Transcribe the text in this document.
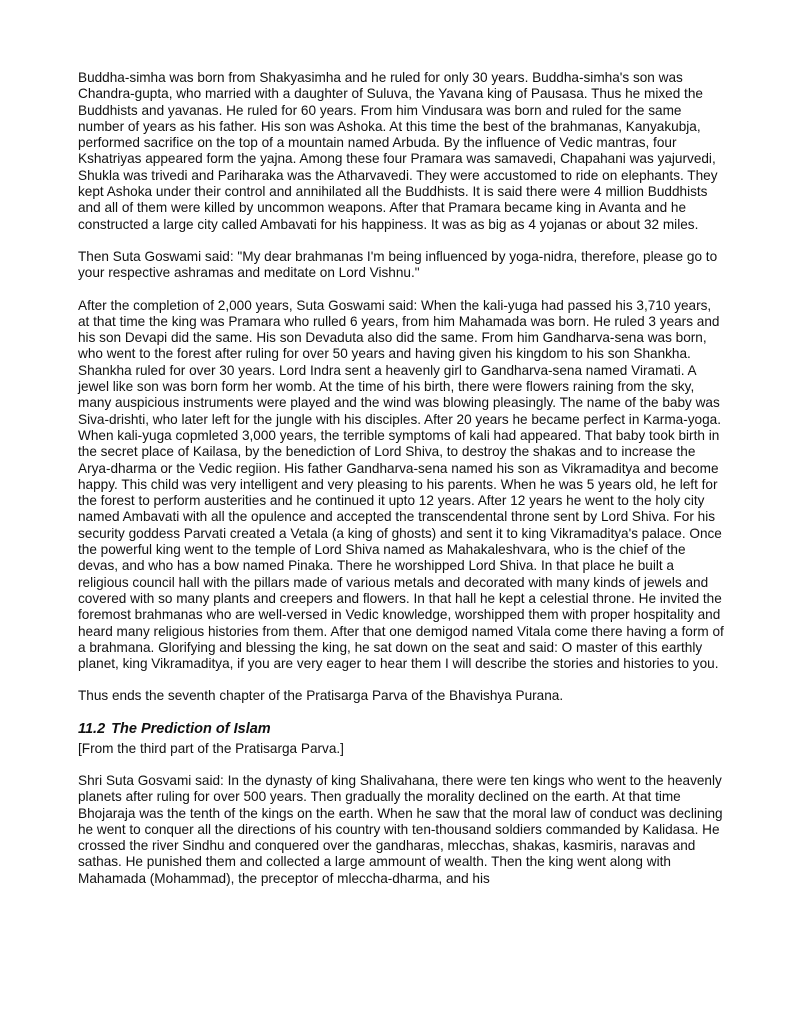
Buddha-simha was born from Shakyasimha and he ruled for only 30 years. Buddha-simha's son was Chandra-gupta, who married with a daughter of Suluva, the Yavana king of Pausasa. Thus he mixed the Buddhists and yavanas. He ruled for 60 years. From him Vindusara was born and ruled for the same number of years as his father. His son was Ashoka. At this time the best of the brahmanas, Kanyakubja, performed sacrifice on the top of a mountain named Arbuda. By the influence of Vedic mantras, four Kshatriyas appeared form the yajna. Among these four Pramara was samavedi, Chapahani was yajurvedi, Shukla was trivedi and Pariharaka was the Atharvavedi. They were accustomed to ride on elephants. They kept Ashoka under their control and annihilated all the Buddhists. It is said there were 4 million Buddhists and all of them were killed by uncommon weapons. After that Pramara became king in Avanta and he constructed a large city called Ambavati for his happiness. It was as big as 4 yojanas or about 32 miles.

Then Suta Goswami said: "My dear brahmanas I'm being influenced by yoga-nidra, therefore, please go to your respective ashramas and meditate on Lord Vishnu."

After the completion of 2,000 years, Suta Goswami said: When the kali-yuga had passed his 3,710 years, at that time the king was Pramara who rulled 6 years, from him Mahamada was born. He ruled 3 years and his son Devapi did the same. His son Devaduta also did the same. From him Gandharva-sena was born, who went to the forest after ruling for over 50 years and having given his kingdom to his son Shankha. Shankha ruled for over 30 years. Lord Indra sent a heavenly girl to Gandharva-sena named Viramati. A jewel like son was born form her womb. At the time of his birth, there were flowers raining from the sky, many auspicious instruments were played and the wind was blowing pleasingly. The name of the baby was Siva-drishti, who later left for the jungle with his disciples. After 20 years he became perfect in Karma-yoga. When kali-yuga copmleted 3,000 years, the terrible symptoms of kali had appeared. That baby took birth in the secret place of Kailasa, by the benediction of Lord Shiva, to destroy the shakas and to increase the Arya-dharma or the Vedic regiion. His father Gandharva-sena named his son as Vikramaditya and become happy. This child was very intelligent and very pleasing to his parents. When he was 5 years old, he left for the forest to perform austerities and he continued it upto 12 years. After 12 years he went to the holy city named Ambavati with all the opulence and accepted the transcendental throne sent by Lord Shiva. For his security goddess Parvati created a Vetala (a king of ghosts) and sent it to king Vikramaditya's palace. Once the powerful king went to the temple of Lord Shiva named as Mahakaleshvara, who is the chief of the devas, and who has a bow named Pinaka. There he worshipped Lord Shiva. In that place he built a religious council hall with the pillars made of various metals and decorated with many kinds of jewels and covered with so many plants and creepers and flowers. In that hall he kept a celestial throne. He invited the foremost brahmanas who are well-versed in Vedic knowledge, worshipped them with proper hospitality and heard many religious histories from them. After that one demigod named Vitala come there having a form of a brahmana. Glorifying and blessing the king, he sat down on the seat and said: O master of this earthly planet, king Vikramaditya, if you are very eager to hear them I will describe the stories and histories to you.

Thus ends the seventh chapter of the Pratisarga Parva of the Bhavishya Purana.

11.2 The Prediction of Islam

[From the third part of the Pratisarga Parva.]

Shri Suta Gosvami said: In the dynasty of king Shalivahana, there were ten kings who went to the heavenly planets after ruling for over 500 years. Then gradually the morality declined on the earth. At that time Bhojaraja was the tenth of the kings on the earth. When he saw that the moral law of conduct was declining he went to conquer all the directions of his country with ten-thousand soldiers commanded by Kalidasa. He crossed the river Sindhu and conquered over the gandharas, mlecchas, shakas, kasmiris, naravas and sathas. He punished them and collected a large ammount of wealth. Then the king went along with Mahamada (Mohammad), the preceptor of mleccha-dharma, and his
